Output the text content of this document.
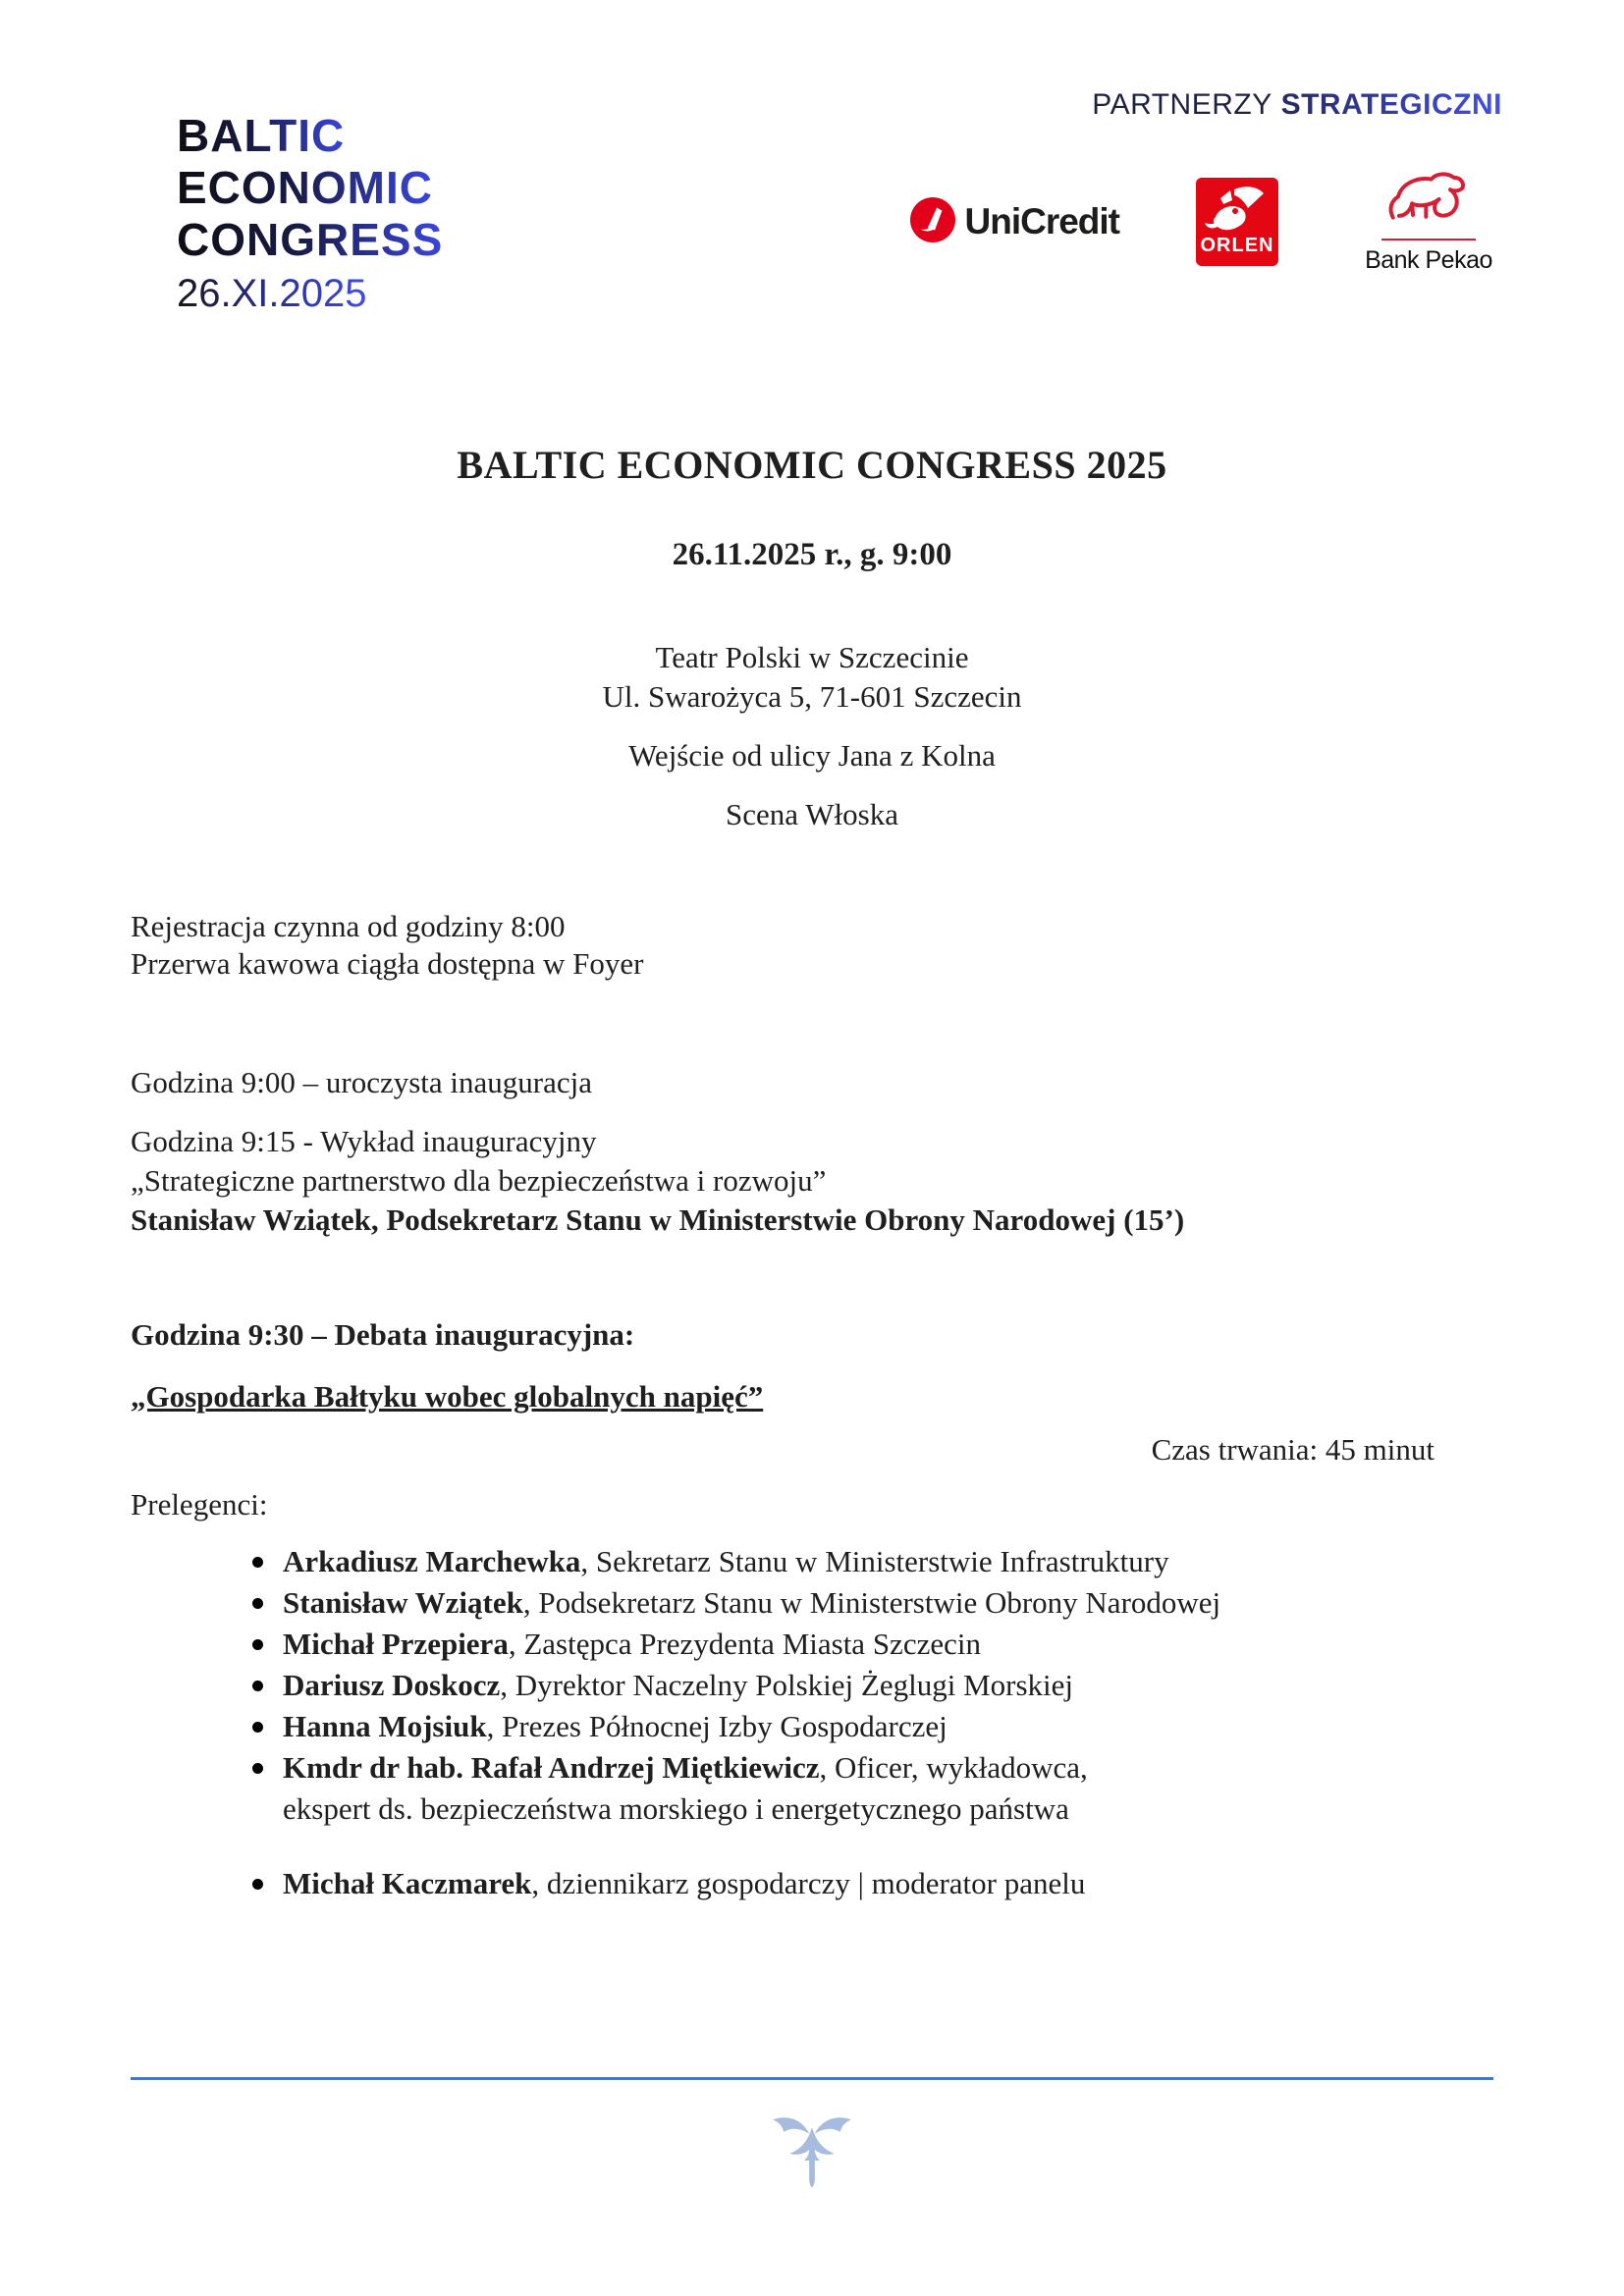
BALTIC
ECONOMIC
CONGRESS
26.XI.2025
PARTNERZY STRATEGICZNI
UniCredit
ORLEN
Bank Pekao
BALTIC ECONOMIC CONGRESS 2025
26.11.2025 r., g. 9:00
Teatr Polski w Szczecinie
Ul. Swarożyca 5, 71-601 Szczecin
Wejście od ulicy Jana z Kolna
Scena Włoska
Rejestracja czynna od godziny 8:00
Przerwa kawowa ciągła dostępna w Foyer
Godzina 9:00 – uroczysta inauguracja
Godzina 9:15 - Wykład inauguracyjny
„Strategiczne partnerstwo dla bezpieczeństwa i rozwoju”
Stanisław Wziątek, Podsekretarz Stanu w Ministerstwie Obrony Narodowej (15’)
Godzina 9:30 – Debata inauguracyjna:
„Gospodarka Bałtyku wobec globalnych napięć”
Czas trwania: 45 minut
Prelegenci:
Arkadiusz Marchewka, Sekretarz Stanu w Ministerstwie Infrastruktury
Stanisław Wziątek, Podsekretarz Stanu w Ministerstwie Obrony Narodowej
Michał Przepiera, Zastępca Prezydenta Miasta Szczecin
Dariusz Doskocz, Dyrektor Naczelny Polskiej Żeglugi Morskiej
Hanna Mojsiuk, Prezes Północnej Izby Gospodarczej
Kmdr dr hab. Rafał Andrzej Miętkiewicz, Oficer, wykładowca,
ekspert ds. bezpieczeństwa morskiego i energetycznego państwa
Michał Kaczmarek, dziennikarz gospodarczy | moderator panelu
